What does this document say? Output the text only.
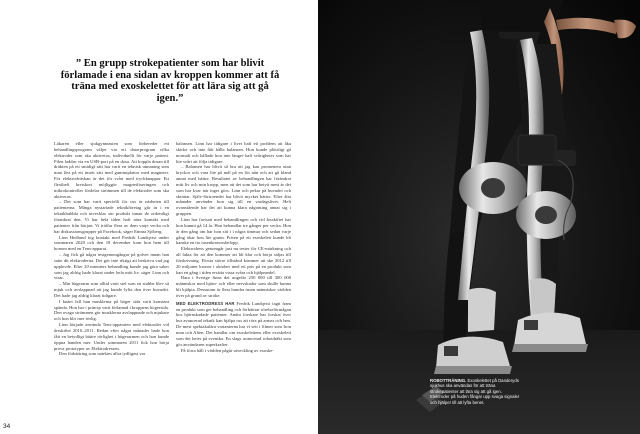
” En grupp strokepatienter som har blivit förlamade i ena sidan av kroppen kommer att få träna med exoskelettet för att lära sig att gå igen.”

Läkaren eller sjukgymnasten som förbereder ett behandlingsprogram väljer via ett datorprogram vilka elektroder som ska aktiveras, individuellt för varje patient. Filen laddas via en USB-port på en dosa. Att koppla dosan till dräkten på ett smidigt sätt har varit en teknisk utmaning som man löst på ett insett sätt med gummiplattor med magneter. För elektrodväskan är det för svårt med tryckknappar. Ett flexibelt kretskort möjliggör magnetfixeringen och mikrokontroller fördelar strömmen till de elektroder som ska aktiveras.

– Det som har varit speciellt för oss är närheten till patienterna. Många nystartade teknikföretag går in i en teknikbubbla och utvecklar sin produkt innan de ordentligt förankrat den. Vi har hela tiden haft nära kontakt med patienter från början. Vi träffar flera av dem varje vecka och har diskussionsgrupper på Facebook, säger Emma Sjöberg.

Linn Hedlund tog kontakt med Fredrik Lundqvist under sommaren 2020 och den 18 december kom hon hem till honom med en Tens-apparat.

– Jag fick gå några testgenomgångar på golvet innan han satte dit elektroderna. Det gör inte riktigt att beskriva vad jag upplevde. Efter 20 minuters behandling kunde jag göra saker som jag aldrig hade klarat under hela mitt liv, säger Linn och visar.

– Min högerarm som alltid varit stel som en stubbe blev så mjuk och avslappnad att jag kunde lyfta den över huvudet. Det hade jag aldrig klarat tidigare.

I knäet fall han musklerna på höger sida varit konstant spända. Hon har i princip varit förlamad i kroppens högersida. Den ovaga strömmen gör musklerna avslappnade och mjukare och hon blir mer rörlig.

Linn började använda Tens-apparaten med elektroder vid årsskiftet 2010–2011. Redan efter några månader hade hon fått en betydligt bättre rörlighet i högerarmen och hon kunde öppna handen mer. Under sommaren 2011 fick hon börja prova prototyper av Elektrodressen.

Den förbättring som märktes allra tydligast var

balansen. Linn har tidigare i livet haft ett problem att åka skidor och inte fått hålla balansen. Hon kunde plötsligt gå normalt och hållade hon inte längre haft svårigheter som har lite svårt att följa tidigare.

– Balansen har blivit så bra att jag kan promenera utan kryckor och vara lite på mål på en lös nån och att gå bland annat med bättre. Resultatet av behandlingen har förändrat mitt liv och min kropp, men att det som har betytt mest är det som har kvar när inget görs. Linn och pekar på huvudet och skrattar. Själv-förtroendet har blivit mycket bättre. Efter åtta månader använder hon sig till en vardagslivet. Helt ovanstående har det att kunna klara någonting annat sig i gruppen.

Linn har fortsatt med behandlingen och vid årsskiftet har hon hunnit gå 14 år. Hon behandlar tre gånger per vecka. Hon är den gång om har hon sitt i i några timmar och sedan varje gång ökar hon lite grann. Prisen på ett exoskelett kunde bli kanske en tio tusenkronorsbelopp.

Elektrodress genomgår just nu tester för CE-märkning och all fakta för att den kommer att bli klar och börja säljas till förskrivning. Första större tillstånd kommer att ske 2012 till 20 miljoner kronor i oktober med ett pris på en produkt som kan en gång i tiden ersätta vissa svåra och hjälpmedel.

Bara i Sverige finns det ungefär 250 000 till 300 000 människor med hjärn- och eller nervskador som skulle kunna bli hjälpta. Dessutom är flera hundra tusen människor världen över på grund av stroke.

MED ELEKTRODRESS HAR Fredrik Lundqvist tagit fram en produkt som ger behandling och förbättrar rörelseförmågan hos hjärnskadade patienter. Andra forskare har forskat över hur avancerad teknik kan hjälpa oss att röra på armar och ben. De mest spektakulära varianterna har vi sett i filmer som Iron man och Alien. Det handlar om exoskelettens eller exoskelett som det heter på svenska. En slags avancerad robotdräkt som gör användaren superkrafter.

På förra håll i världen pågår utveckling av exoske-

34
ROBOTTRÄNING. Exoskelettet på Danderyds sjukhus ska användas för att träna strokepatienter att lära sig att gå igen. Elektroder på huden fångar upp svaga signaler och hjälper till att lyfta benet.
